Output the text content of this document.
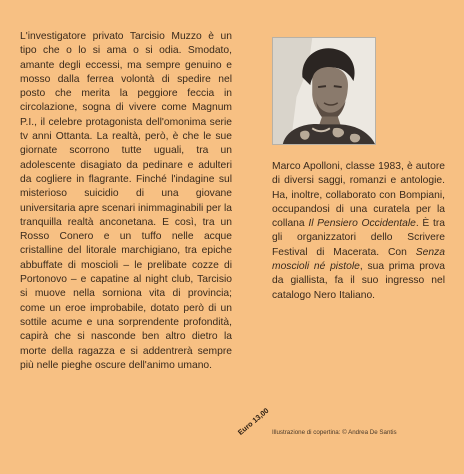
L'investigatore privato Tarcisio Muzzo è un tipo che o lo si ama o si odia. Smodato, amante degli eccessi, ma sempre genuino e mosso dalla ferrea volontà di spedire nel posto che merita la peggiore feccia in circolazione, sogna di vivere come Magnum P.I., il celebre protagonista dell'omonima serie tv anni Ottanta. La realtà, però, è che le sue giornate scorrono tutte uguali, tra un adolescente disagiato da pedinare e adulteri da cogliere in flagrante. Finché l'indagine sul misterioso suicidio di una giovane universitaria apre scenari inimmaginabili per la tranquilla realtà anconetana. E così, tra un Rosso Conero e un tuffo nelle acque cristalline del litorale marchigiano, tra epiche abbuffate di moscioli – le prelibate cozze di Portonovo – e capatine al night club, Tarcisio si muove nella sorniona vita di provincia; come un eroe improbabile, dotato però di un sottile acume e una sorprendente profondità, capirà che si nasconde ben altro dietro la morte della ragazza e si addentrerà sempre più nelle pieghe oscure dell'animo umano.

Marco Apolloni, classe 1983, è autore di diversi saggi, romanzi e antologie. Ha, inoltre, collaborato con Bompiani, occupandosi di una curatela per la collana Il Pensiero Occidentale. È tra gli organizzatori dello Scrivere Festival di Macerata. Con Senza moscioli né pistole, sua prima prova da giallista, fa il suo ingresso nel catalogo Nero Italiano.

Euro 13,00 Illustrazione di copertina: © Andrea De Santis
